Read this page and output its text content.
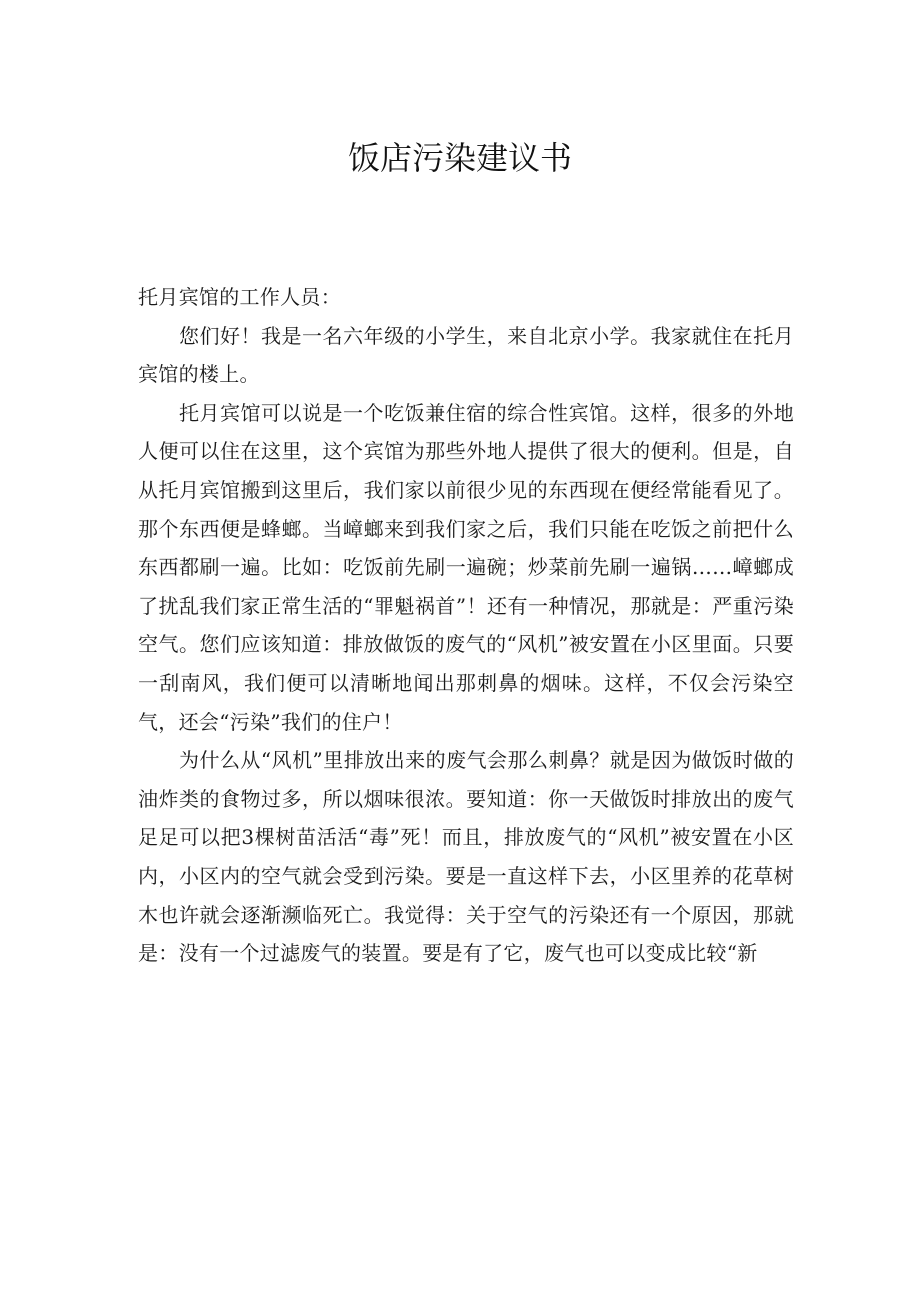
饭店污染建议书

托月宾馆的工作人员：

您们好！我是一名六年级的小学生，来自北京小学。我家就住在托月宾馆的楼上。

托月宾馆可以说是一个吃饭兼住宿的综合性宾馆。这样，很多的外地人便可以住在这里，这个宾馆为那些外地人提供了很大的便利。但是，自从托月宾馆搬到这里后，我们家以前很少见的东西现在便经常能看见了。那个东西便是蜂螂。当嶂螂来到我们家之后，我们只能在吃饭之前把什么东西都刷一遍。比如：吃饭前先刷一遍碗；炒菜前先刷一遍锅……嶂螂成了扰乱我们家正常生活的“罪魁祸首”！还有一种情况，那就是：严重污染空气。您们应该知道：排放做饭的废气的“风机”被安置在小区里面。只要一刮南风，我们便可以清晰地闻出那刺鼻的烟味。这样，不仅会污染空气，还会“污染”我们的住户！

为什么从“风机”里排放出来的废气会那么刺鼻？就是因为做饭时做的油炸类的食物过多，所以烟味很浓。要知道：你一天做饭时排放出的废气足足可以把3棵树苗活活“毒”死！而且，排放废气的“风机”被安置在小区内，小区内的空气就会受到污染。要是一直这样下去，小区里养的花草树木也许就会逐渐濒临死亡。我觉得：关于空气的污染还有一个原因，那就是：没有一个过滤废气的装置。要是有了它，废气也可以变成比较“新
